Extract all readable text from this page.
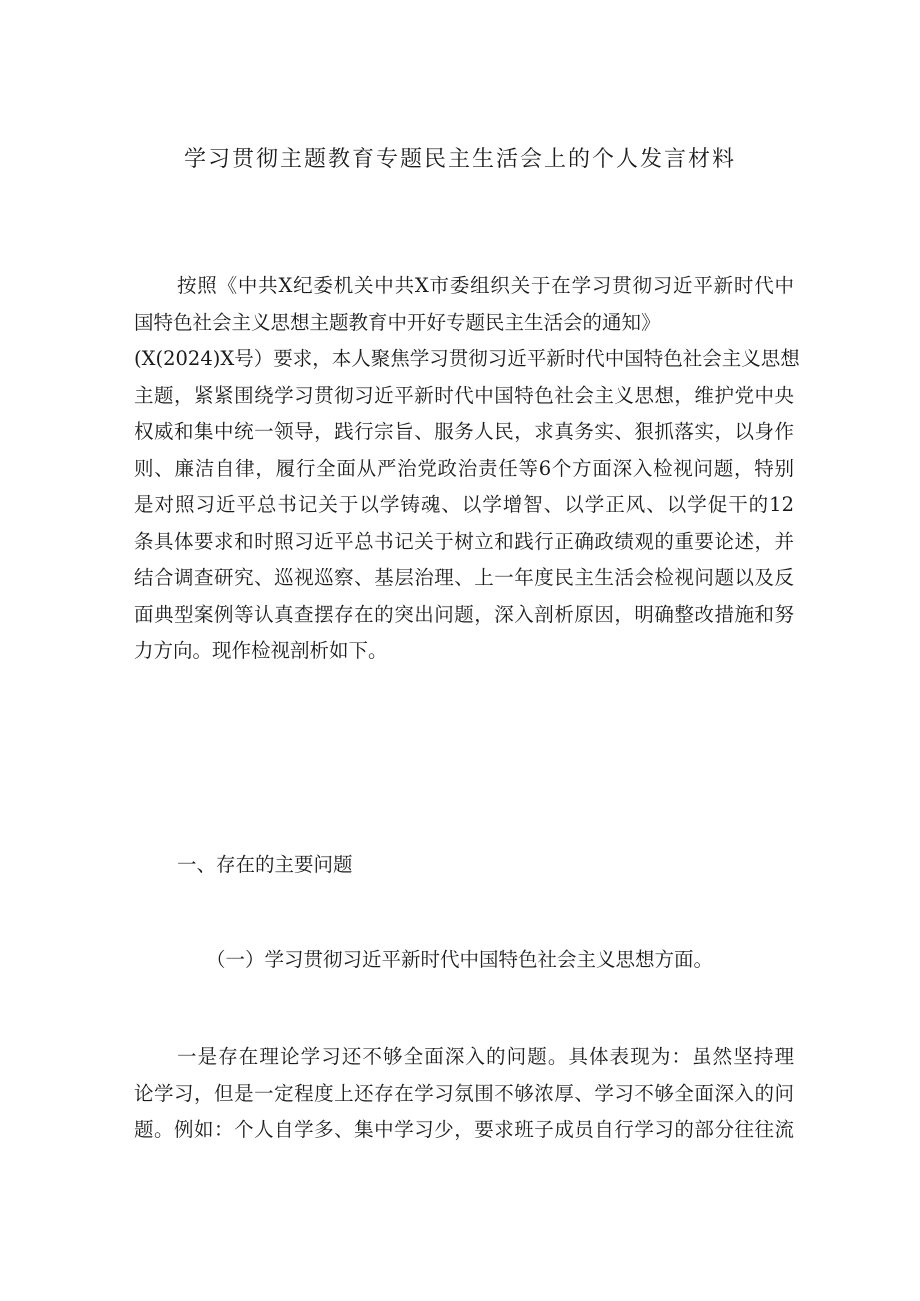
学习贯彻主题教育专题民主生活会上的个人发言材料
按照《中共X纪委机关中共X市委组织关于在学习贯彻习近平新时代中
国特色社会主义思想主题教育中开好专题民主生活会的通知》
(X(2024)X号）要求，本人聚焦学习贯彻习近平新时代中国特色社会主义思想
主题，紧紧围绕学习贯彻习近平新时代中国特色社会主义思想，维护党中央
权威和集中统一领导，践行宗旨、服务人民，求真务实、狠抓落实，以身作
则、廉洁自律，履行全面从严治党政治责任等6个方面深入检视问题，特别
是对照习近平总书记关于以学铸魂、以学增智、以学正风、以学促干的12
条具体要求和时照习近平总书记关于树立和践行正确政绩观的重要论述，并
结合调查研究、巡视巡察、基层治理、上一年度民主生活会检视问题以及反
面典型案例等认真查摆存在的突出问题，深入剖析原因，明确整改措施和努
力方向。现作检视剖析如下。
一、存在的主要问题
（一）学习贯彻习近平新时代中国特色社会主义思想方面。
一是存在理论学习还不够全面深入的问题。具体表现为：虽然坚持理
论学习，但是一定程度上还存在学习氛围不够浓厚、学习不够全面深入的问
题。例如：个人自学多、集中学习少，要求班子成员自行学习的部分往往流
